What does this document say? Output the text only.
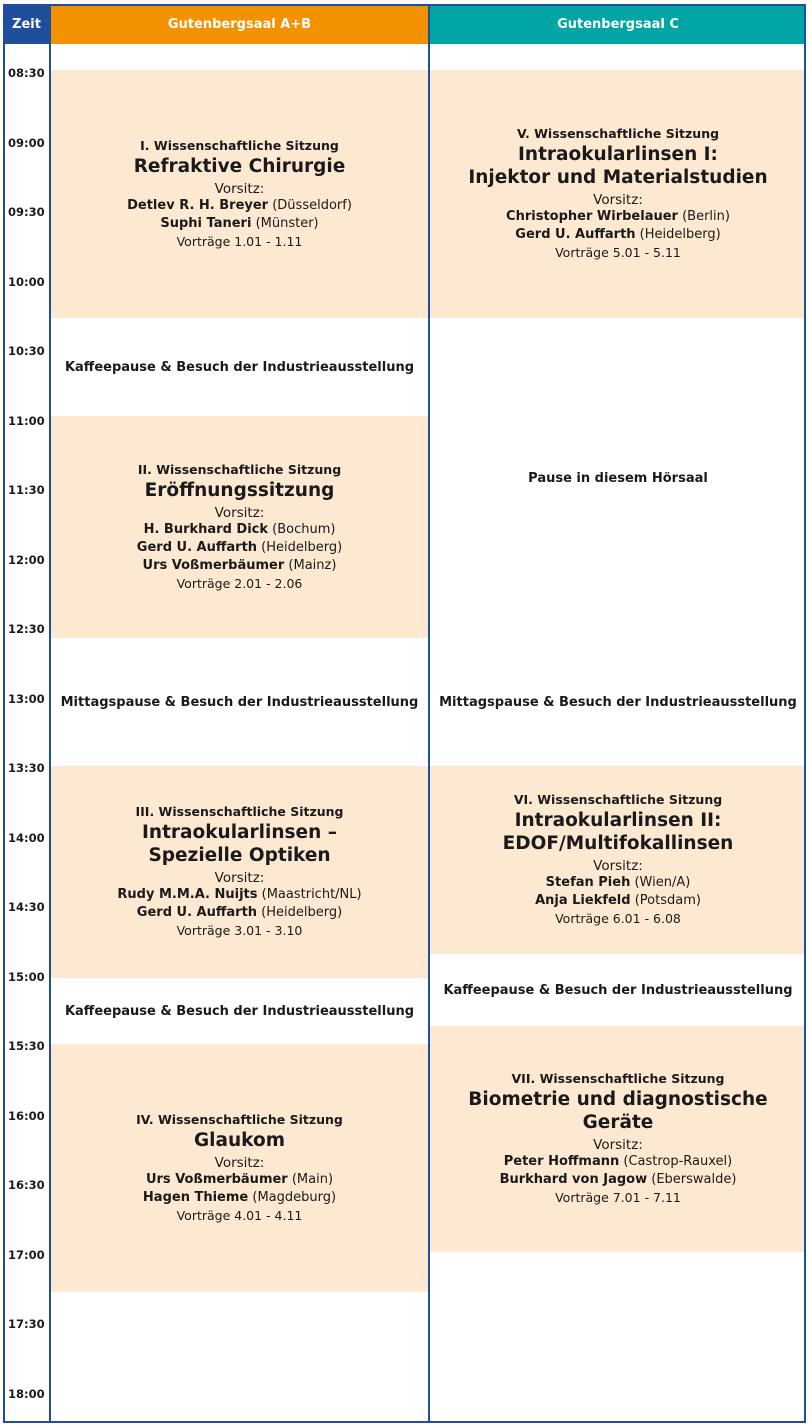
I. Wissenschaftliche Sitzung
Refraktive Chirurgie
Vorsitz:
Detlev R. H. Breyer (Düsseldorf)
Suphi Taneri (Münster)
Vorträge 1.01 - 1.11
Kaffeepause & Besuch der Industrieausstellung
II. Wissenschaftliche Sitzung
Eröffnungssitzung
Vorsitz:
H. Burkhard Dick (Bochum)
Gerd U. Auffarth (Heidelberg)
Urs Voßmerbäumer (Mainz)
Vorträge 2.01 - 2.06
Mittagspause & Besuch der Industrieausstellung
III. Wissenschaftliche Sitzung
Intraokularlinsen –
Spezielle Optiken
Vorsitz:
Rudy M.M.A. Nuijts (Maastricht/NL)
Gerd U. Auffarth (Heidelberg)
Vorträge 3.01 - 3.10
Kaffeepause & Besuch der Industrieausstellung
IV. Wissenschaftliche Sitzung
Glaukom
Vorsitz:
Urs Voßmerbäumer (Main)
Hagen Thieme (Magdeburg)
Vorträge 4.01 - 4.11
V. Wissenschaftliche Sitzung
Intraokularlinsen I:
Injektor und Materialstudien
Vorsitz:
Christopher Wirbelauer (Berlin)
Gerd U. Auffarth (Heidelberg)
Vorträge 5.01 - 5.11
Pause in diesem Hörsaal
Mittagspause & Besuch der Industrieausstellung
VI. Wissenschaftliche Sitzung
Intraokularlinsen II:
EDOF/Multifokallinsen
Vorsitz:
Stefan Pieh (Wien/A)
Anja Liekfeld (Potsdam)
Vorträge 6.01 - 6.08
Kaffeepause & Besuch der Industrieausstellung
VII. Wissenschaftliche Sitzung
Biometrie und diagnostische Geräte
Vorsitz:
Peter Hoffmann (Castrop-Rauxel)
Burkhard von Jagow (Eberswalde)
Vorträge 7.01 - 7.11
Zeit	Gutenbergsaal A+B	Gutenbergsaal C
08:30
09:00
09:30
10:00
10:30
11:00
11:30
12:00
12:30
13:00
13:30
14:00
14:30
15:00
15:30
16:00
16:30
17:00
17:30
18:00
